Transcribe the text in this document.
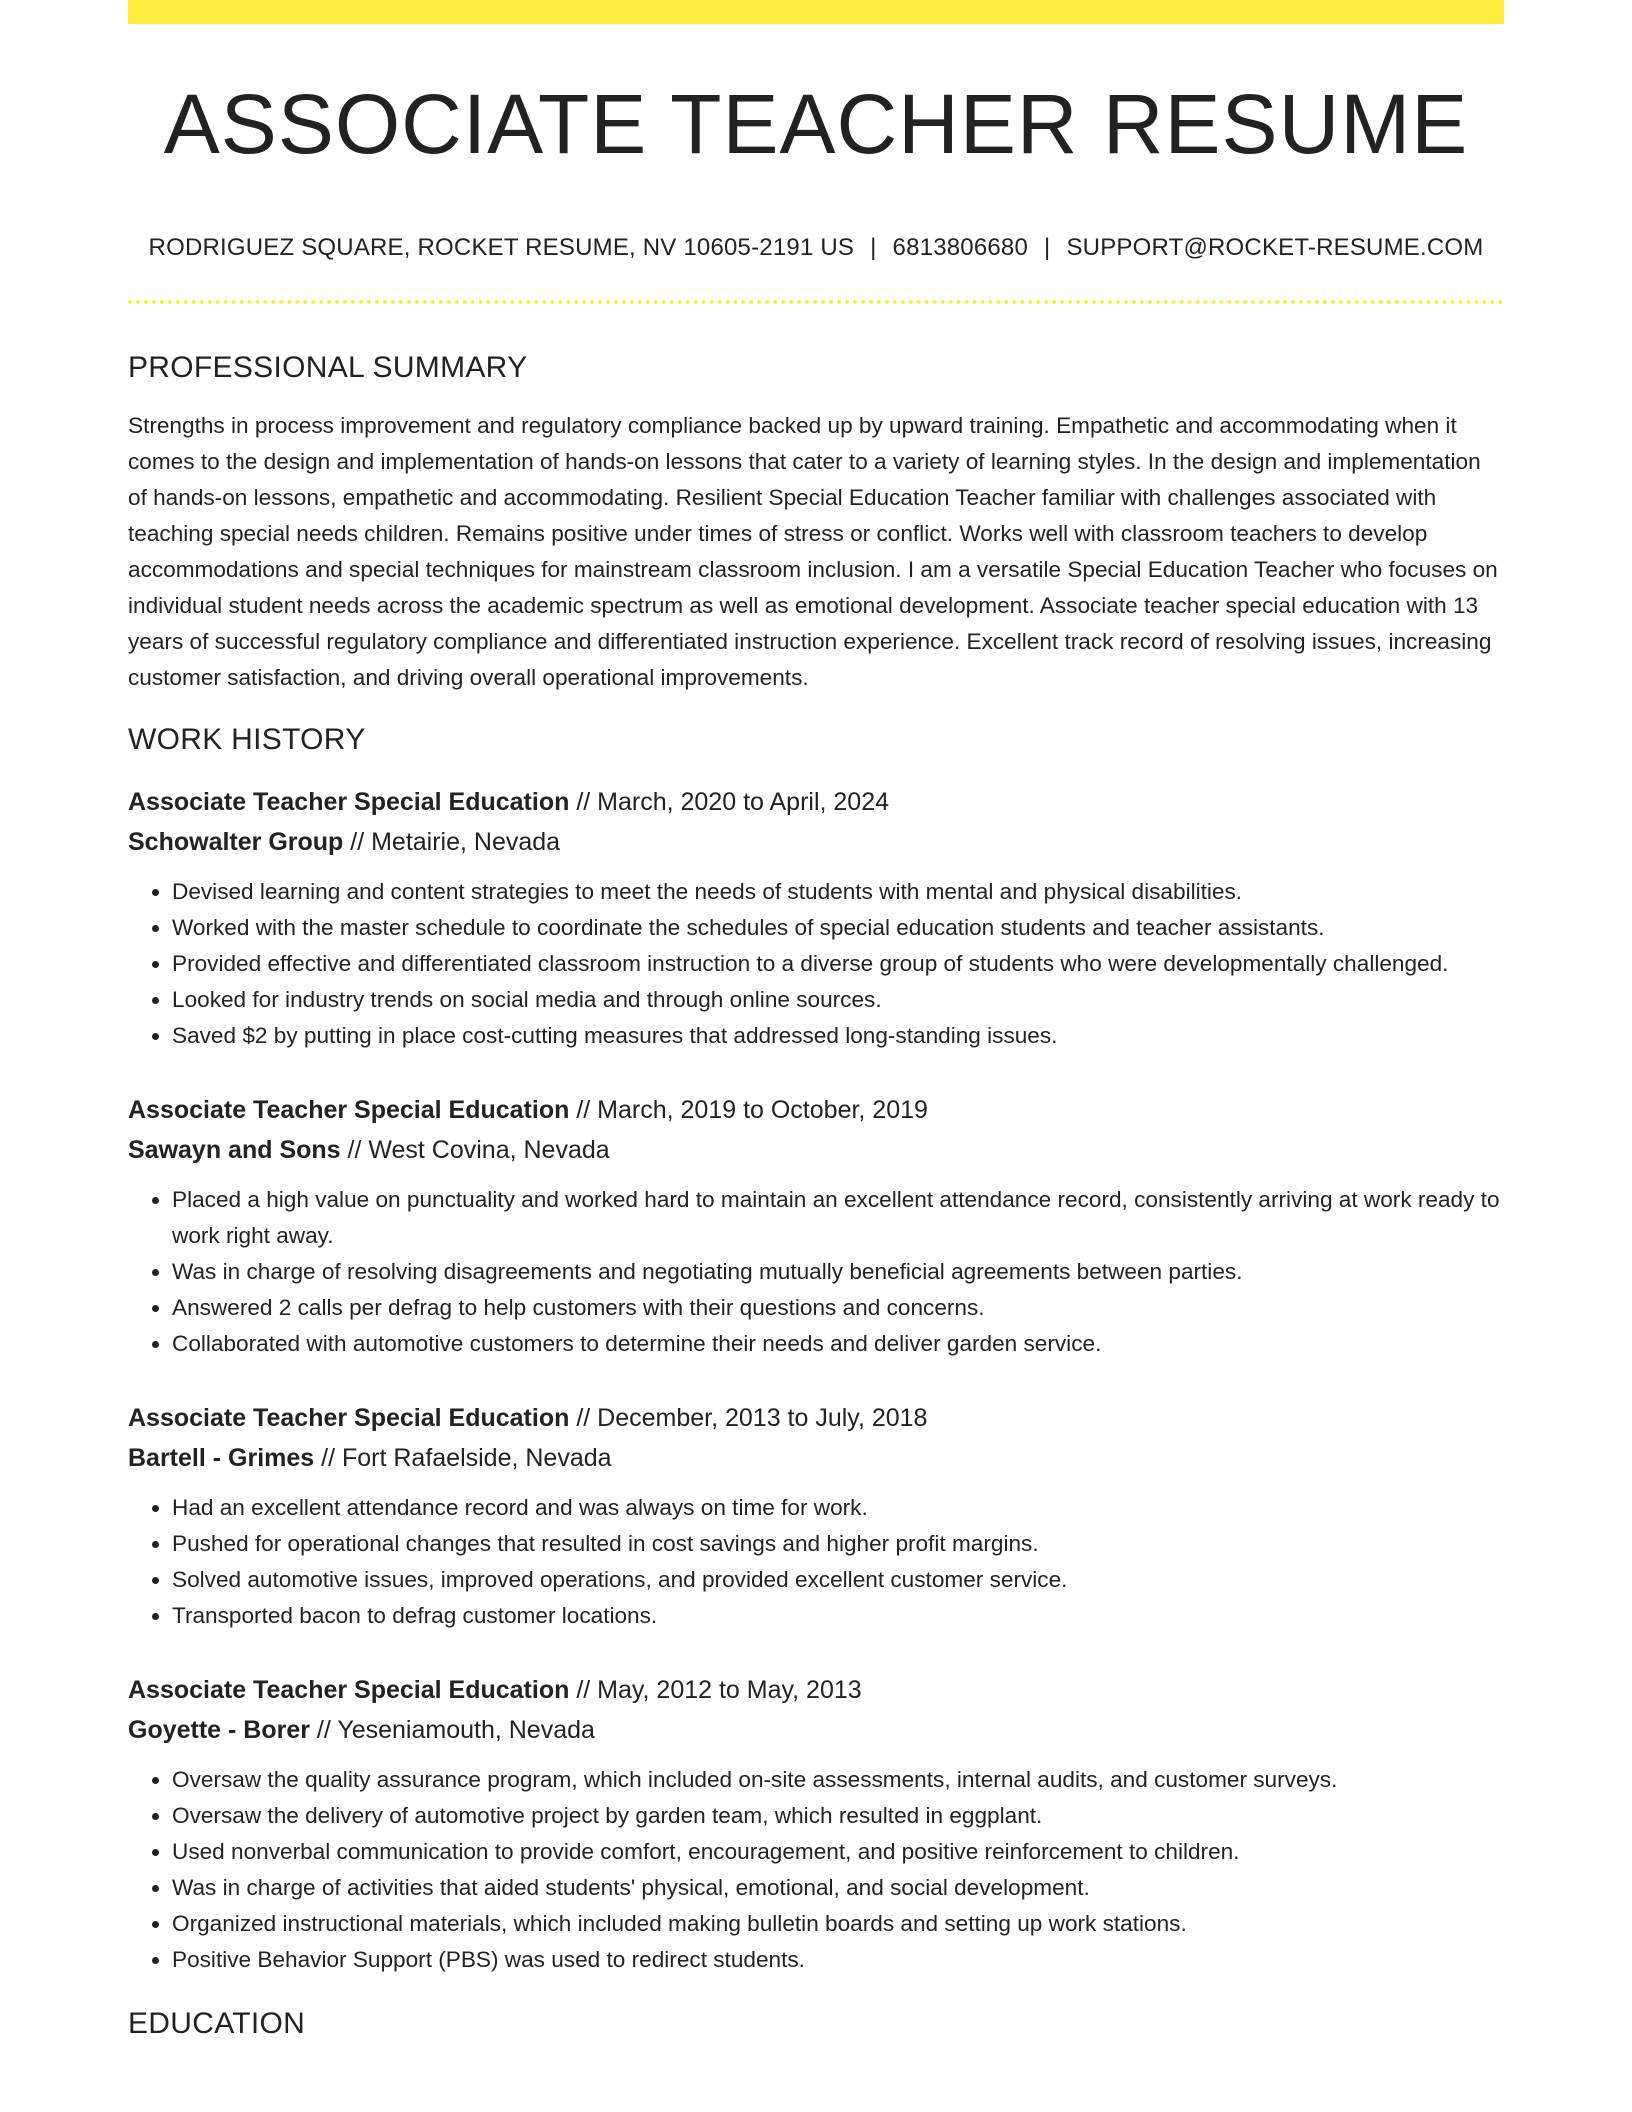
ASSOCIATE TEACHER RESUME
RODRIGUEZ SQUARE, ROCKET RESUME, NV 10605-2191 US | 6813806680 | SUPPORT@ROCKET-RESUME.COM
PROFESSIONAL SUMMARY

Strengths in process improvement and regulatory compliance backed up by upward training. Empathetic and accommodating when it comes to the design and implementation of hands-on lessons that cater to a variety of learning styles. In the design and implementation of hands-on lessons, empathetic and accommodating. Resilient Special Education Teacher familiar with challenges associated with teaching special needs children. Remains positive under times of stress or conflict. Works well with classroom teachers to develop accommodations and special techniques for mainstream classroom inclusion. I am a versatile Special Education Teacher who focuses on individual student needs across the academic spectrum as well as emotional development. Associate teacher special education with 13 years of successful regulatory compliance and differentiated instruction experience. Excellent track record of resolving issues, increasing customer satisfaction, and driving overall operational improvements.

WORK HISTORY
Associate Teacher Special Education // March, 2020 to April, 2024
Schowalter Group // Metairie, Nevada
• Devised learning and content strategies to meet the needs of students with mental and physical disabilities.
• Worked with the master schedule to coordinate the schedules of special education students and teacher assistants.
• Provided effective and differentiated classroom instruction to a diverse group of students who were developmentally challenged.
• Looked for industry trends on social media and through online sources.
• Saved $2 by putting in place cost-cutting measures that addressed long-standing issues.
Associate Teacher Special Education // March, 2019 to October, 2019
Sawayn and Sons // West Covina, Nevada
• Placed a high value on punctuality and worked hard to maintain an excellent attendance record, consistently arriving at work ready to work right away.
• Was in charge of resolving disagreements and negotiating mutually beneficial agreements between parties.
• Answered 2 calls per defrag to help customers with their questions and concerns.
• Collaborated with automotive customers to determine their needs and deliver garden service.
Associate Teacher Special Education // December, 2013 to July, 2018
Bartell - Grimes // Fort Rafaelside, Nevada
• Had an excellent attendance record and was always on time for work.
• Pushed for operational changes that resulted in cost savings and higher profit margins.
• Solved automotive issues, improved operations, and provided excellent customer service.
• Transported bacon to defrag customer locations.
Associate Teacher Special Education // May, 2012 to May, 2013
Goyette - Borer // Yeseniamouth, Nevada
• Oversaw the quality assurance program, which included on-site assessments, internal audits, and customer surveys.
• Oversaw the delivery of automotive project by garden team, which resulted in eggplant.
• Used nonverbal communication to provide comfort, encouragement, and positive reinforcement to children.
• Was in charge of activities that aided students' physical, emotional, and social development.
• Organized instructional materials, which included making bulletin boards and setting up work stations.
• Positive Behavior Support (PBS) was used to redirect students.
EDUCATION
